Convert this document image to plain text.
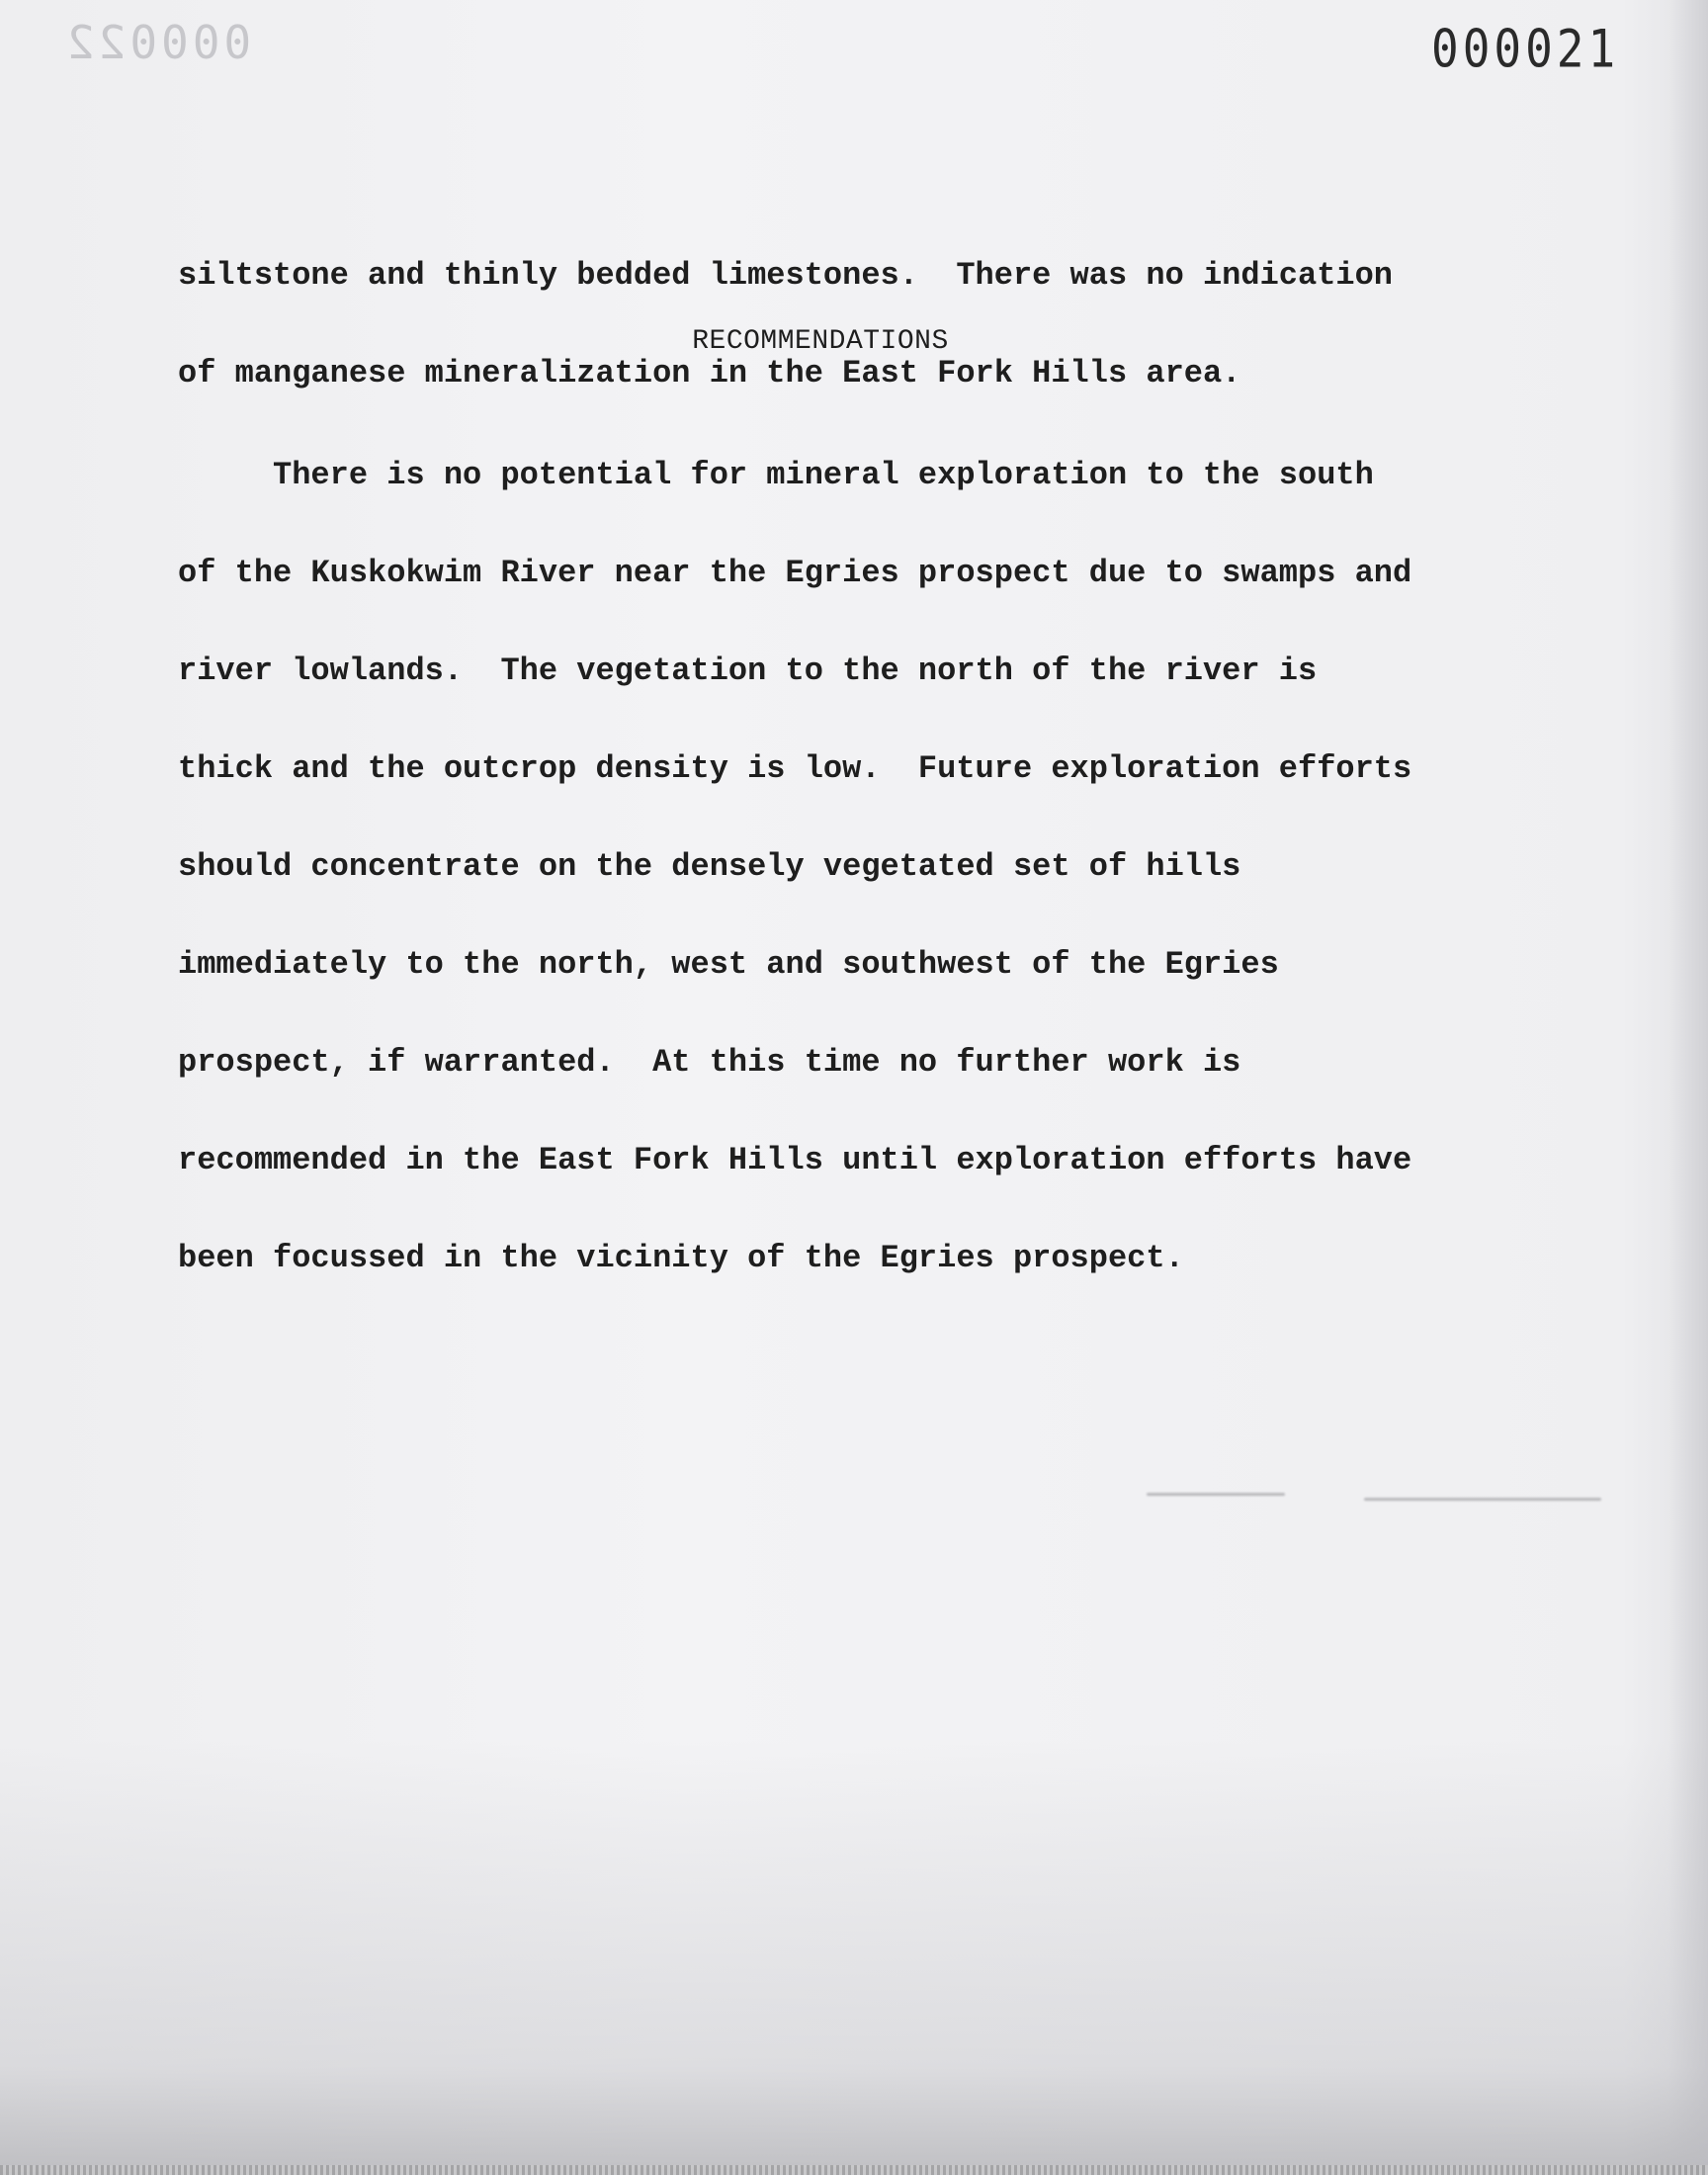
000022	000021

siltstone and thinly bedded limestones.  There was no indication

of manganese mineralization in the East Fork Hills area.

RECOMMENDATIONS

There is no potential for mineral exploration to the south

of the Kuskokwim River near the Egries prospect due to swamps and

river lowlands.  The vegetation to the north of the river is

thick and the outcrop density is low.  Future exploration efforts

should concentrate on the densely vegetated set of hills

immediately to the north, west and southwest of the Egries

prospect, if warranted.  At this time no further work is

recommended in the East Fork Hills until exploration efforts have

been focussed in the vicinity of the Egries prospect.
